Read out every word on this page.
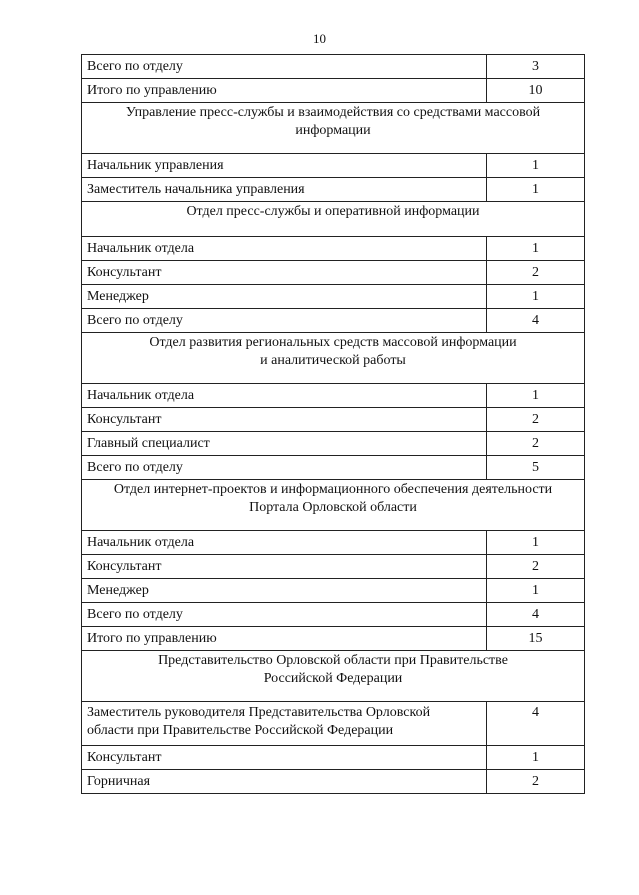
10
Всего по отделу	3
Итого по управлению	10

Управление пресс-службы и взаимодействия со средствами массовой
информации	

Начальник управления	1
Заместитель начальника управления	1

Отдел пресс-службы и оперативной информации	

Начальник отдела	1
Консультант	2
Менеджер	1
Всего по отделу	4

Отдел развития региональных средств массовой информации
и аналитической работы	

Начальник отдела	1
Консультант	2
Главный специалист	2
Всего по отделу	5

Отдел интернет-проектов и информационного обеспечения деятельности
Портала Орловской области	

Начальник отдела	1
Консультант	2
Менеджер	1
Всего по отделу	4
Итого по управлению	15

Представительство Орловской области при Правительстве
Российской Федерации	

Заместитель руководителя Представительства Орловской
области при Правительстве Российской Федерации	4
Консультант	1
Горничная	2
